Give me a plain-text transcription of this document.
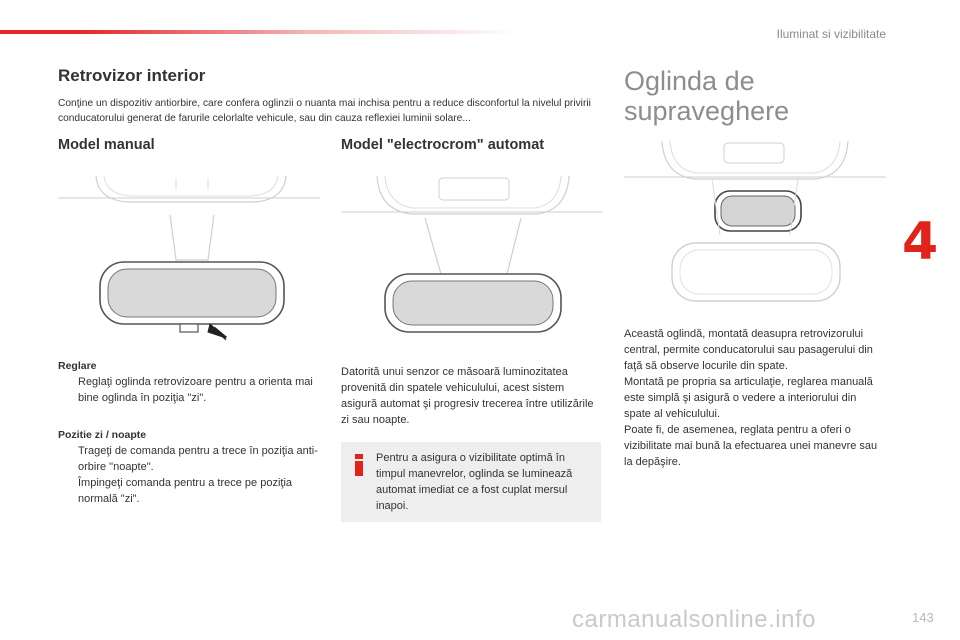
Iluminat si vizibilitate
4
Retrovizor interior
Conţine un dispozitiv antiorbire, care confera oglinzii o nuanta mai inchisa pentru a reduce disconfortul la nivelul privirii conducatorului generat de farurile celorlalte vehicule, sau din cauza reflexiei luminii solare...
Model manual	Model "electrocrom" automat
Oglinda de supraveghere
Reglare
Reglaţi oglinda retrovizoare pentru a orienta mai bine oglinda în poziţia "zi".
Pozitie zi / noapte
Trageţi de comanda pentru a trece în poziţia anti-orbire "noapte".
Împingeţi comanda pentru a trece pe poziţia normală "zi".
Datorită unui senzor ce măsoară luminozitatea provenită din spatele vehiculului, acest sistem asigură automat şi progresiv trecerea între utilizările zi sau noapte.
Pentru a asigura o vizibilitate optimă în timpul manevrelor, oglinda se luminează automat imediat ce a fost cuplat mersul inapoi.
Această oglindă, montată deasupra retrovizorului central, permite conducatorului sau pasagerului din faţă să observe locurile din spate.
Montată pe propria sa articulaţie, reglarea manuală este simplă şi asigură o vedere a interiorului din spate al vehiculului.
Poate fi, de asemenea, reglata pentru a oferi o vizibilitate mai bună la efectuarea unei manevre sau la depăşire.
carmanualsonline.info	143
